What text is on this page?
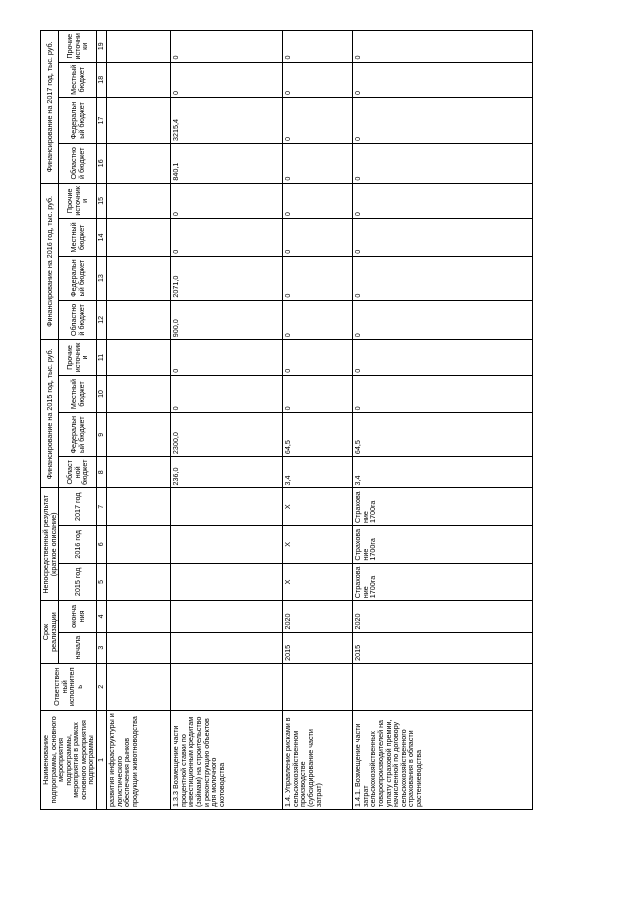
Наименование подпрограммы, основного мероприятия подпрограммы, мероприятия в рамках основного мероприятия подпрограммы	Ответственный исполнитель	Срок реализации		Непосредственный результат (краткое описание)			Финансирование на 2015 год, тыс. руб.				Финансирование на 2016 год, тыс. руб.				Финансирование на 2017 год, тыс. руб.			
		начала	окончания	2015 год	2016 год	2017 год	Областной бюджет	Федеральный бюджет	Местный бюджет	Прочие источники	Областной бюджет	Федеральный бюджет	Местный бюджет	Прочие источники	Областной бюджет	Федеральный бюджет	Местный бюджет	Прочие источники

1	2	3	4	5	6	7	8	9	10	11	12	13	14	15	16	17	18	19
развития инфраструктуры и логистического обеспечения рынков продукции животноводства																		
1.3.3 Возмещение части процентной ставки по инвестиционным кредитам (займам) на строительство и реконструкцию объектов для молочного скотоводства							236,0	2300,0	0	0	900,0	2071,0	0	0	840,1	3215,4	0	0
1.4. Управление рисками в сельскохозяйственном производстве (субсидирование части затрат)		2015	2020	Х	Х	Х	3,4	64,5	0	0	0	0	0	0	0	0	0	0
1.4.1. Возмещение части затрат сельскохозяйственных товаропроизводителей на уплату страховой премии, начисленной по договору сельскохозяйственного страхования в области растениеводства		2015	2020	Страхование 1700га	Страхование 1700га	Страхование 1700га	3,4	64,5	0	0	0	0	0	0	0	0	0	0
